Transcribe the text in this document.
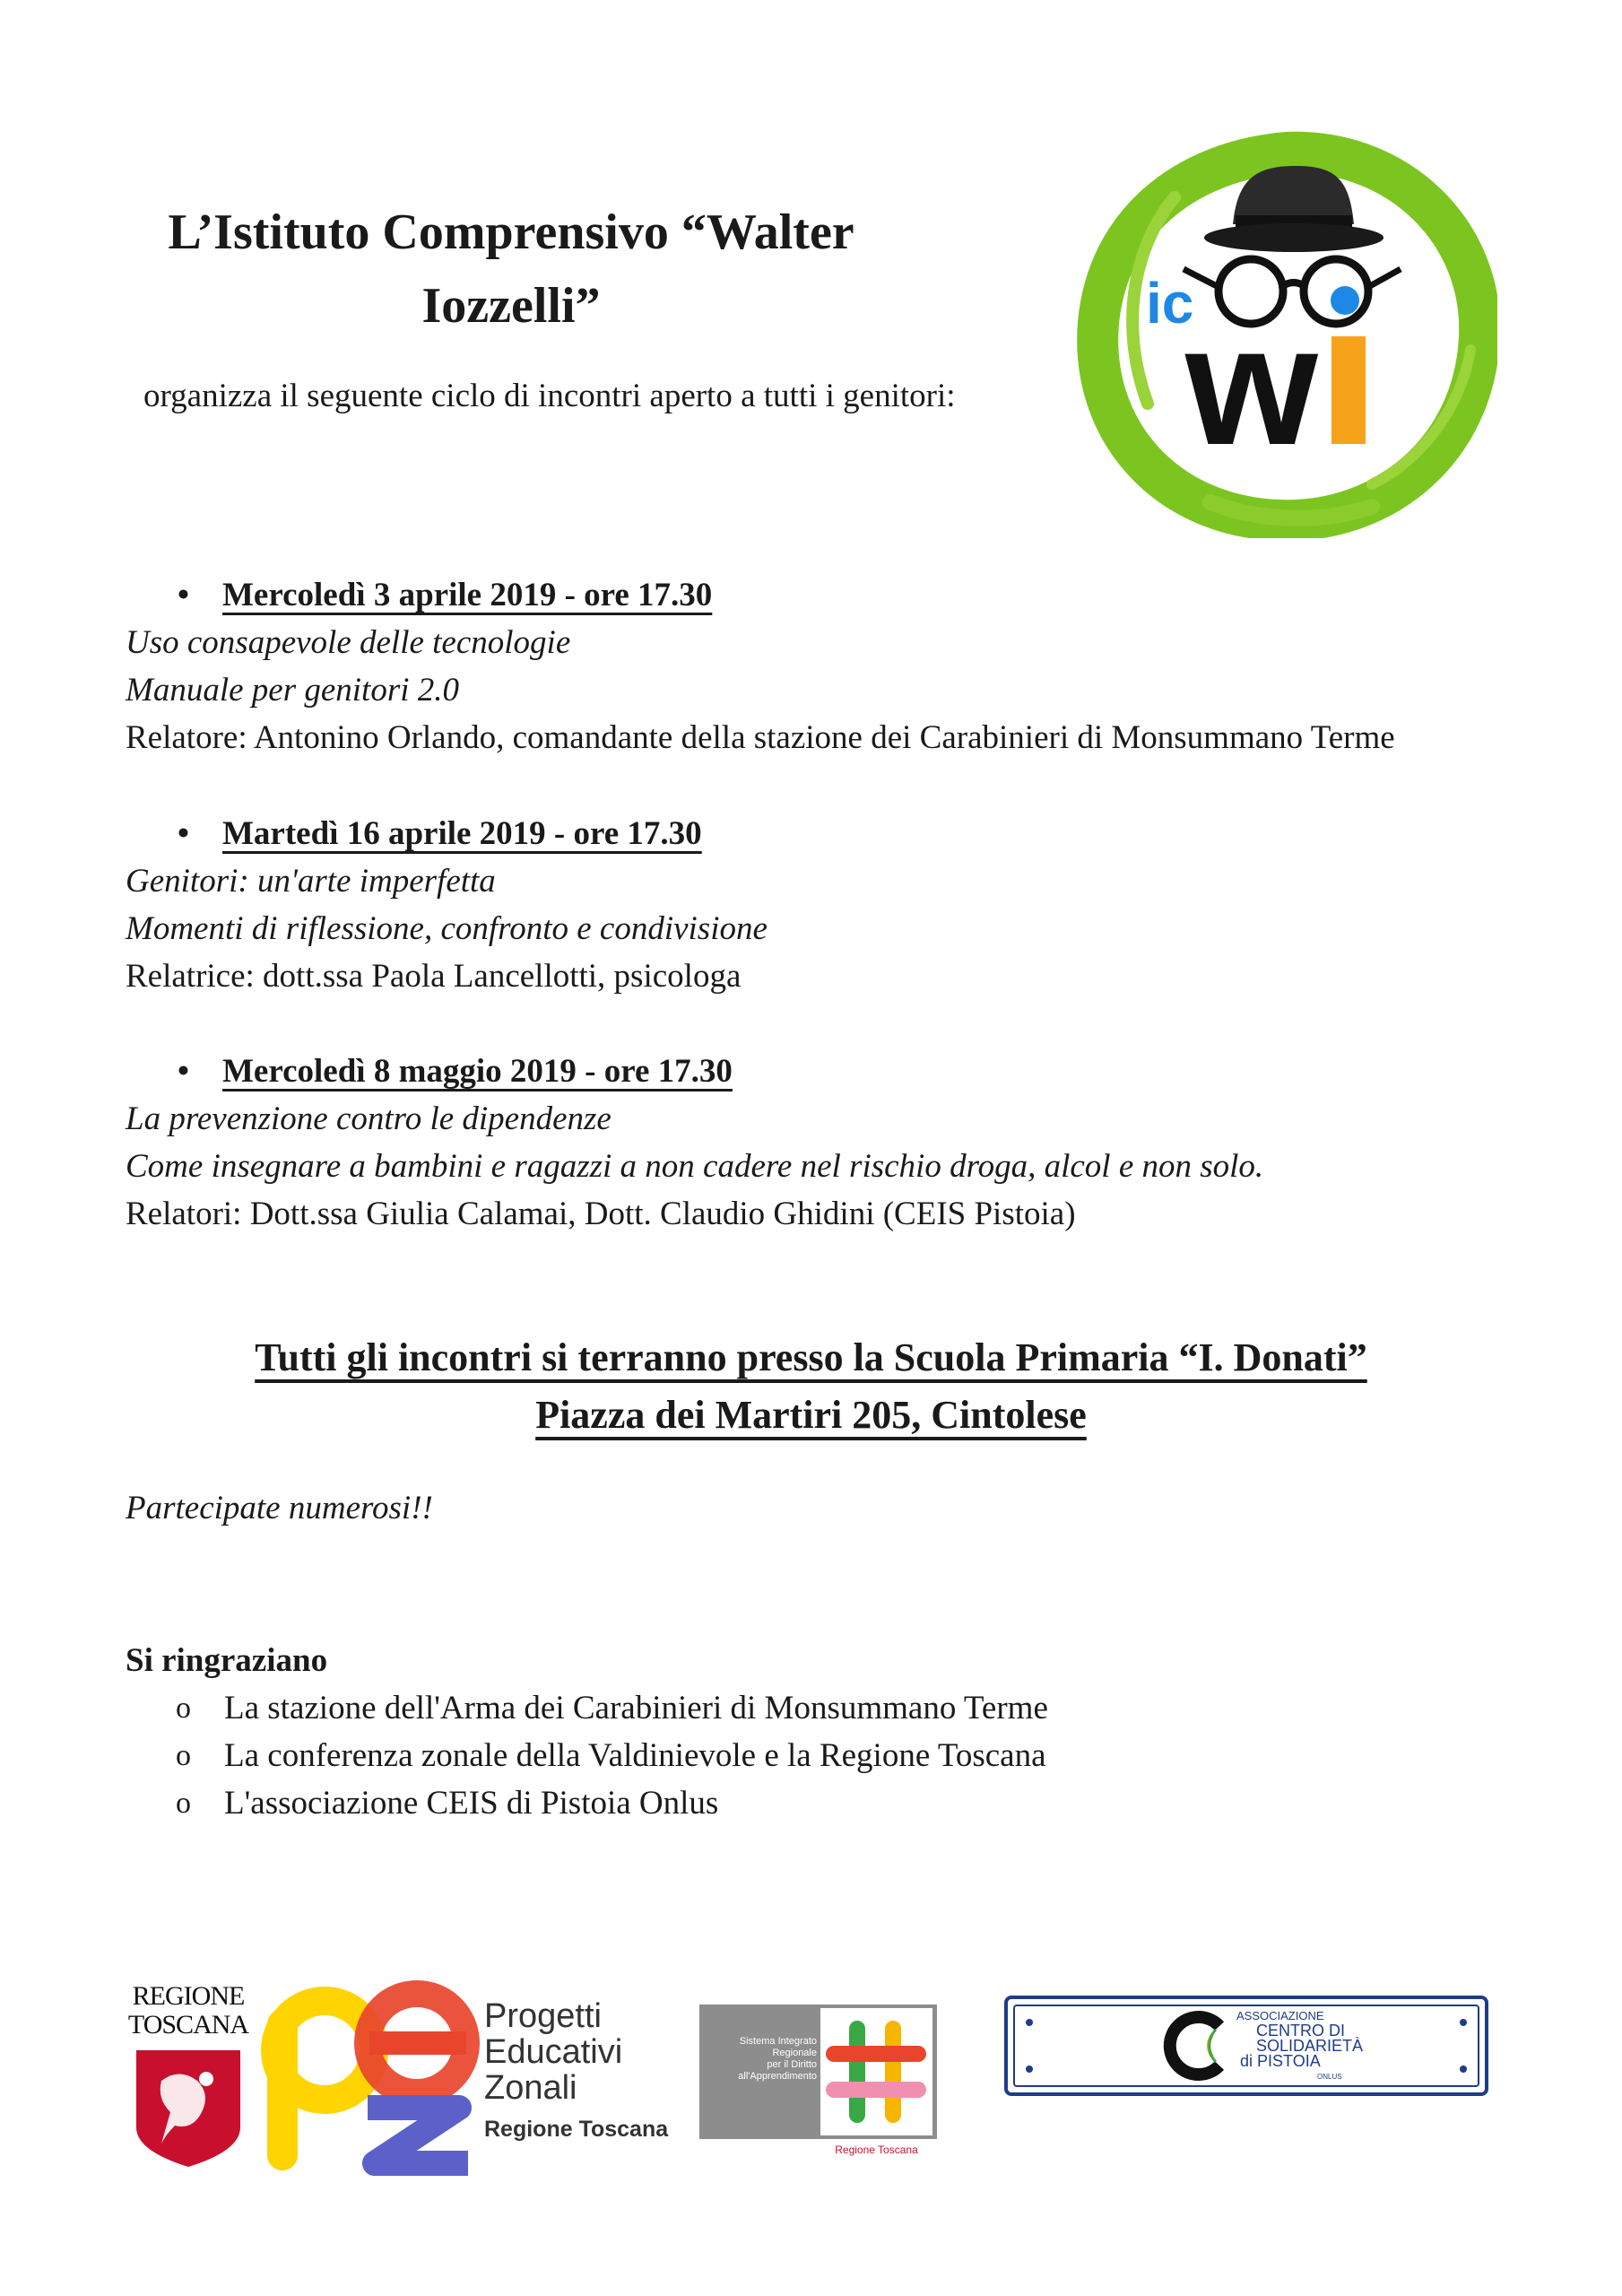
L’Istituto Comprensivo “Walter
Iozzelli”
organizza il seguente ciclo di incontri aperto a tutti i genitori:
ic
w
• Mercoledì 3 aprile 2019 - ore 17.30
Uso consapevole delle tecnologie
Manuale per genitori 2.0
Relatore: Antonino Orlando, comandante della stazione dei Carabinieri di Monsummano Terme
• Martedì 16 aprile 2019 - ore 17.30
Genitori: un'arte imperfetta
Momenti di riflessione, confronto e condivisione
Relatrice: dott.ssa Paola Lancellotti, psicologa
• Mercoledì 8 maggio 2019 - ore 17.30
La prevenzione contro le dipendenze
Come insegnare a bambini e ragazzi a non cadere nel rischio droga, alcol e non solo.
Relatori: Dott.ssa Giulia Calamai, Dott. Claudio Ghidini (CEIS Pistoia)
Tutti gli incontri si terranno presso la Scuola Primaria “I. Donati”
Piazza dei Martiri 205, Cintolese
Partecipate numerosi!!
Si ringraziano
o La stazione dell'Arma dei Carabinieri di Monsummano Terme
o La conferenza zonale della Valdinievole e la Regione Toscana
o L'associazione CEIS di Pistoia Onlus
REGIONE
TOSCANA	Progetti
Educativi
Zonali
Regione Toscana
Sistema Integrato
Regionale
per il Diritto
all'Apprendimento
Regione Toscana
ASSOCIAZIONE
CENTRO DI
SOLIDARIETÀ
di PISTOIA
ONLUS
